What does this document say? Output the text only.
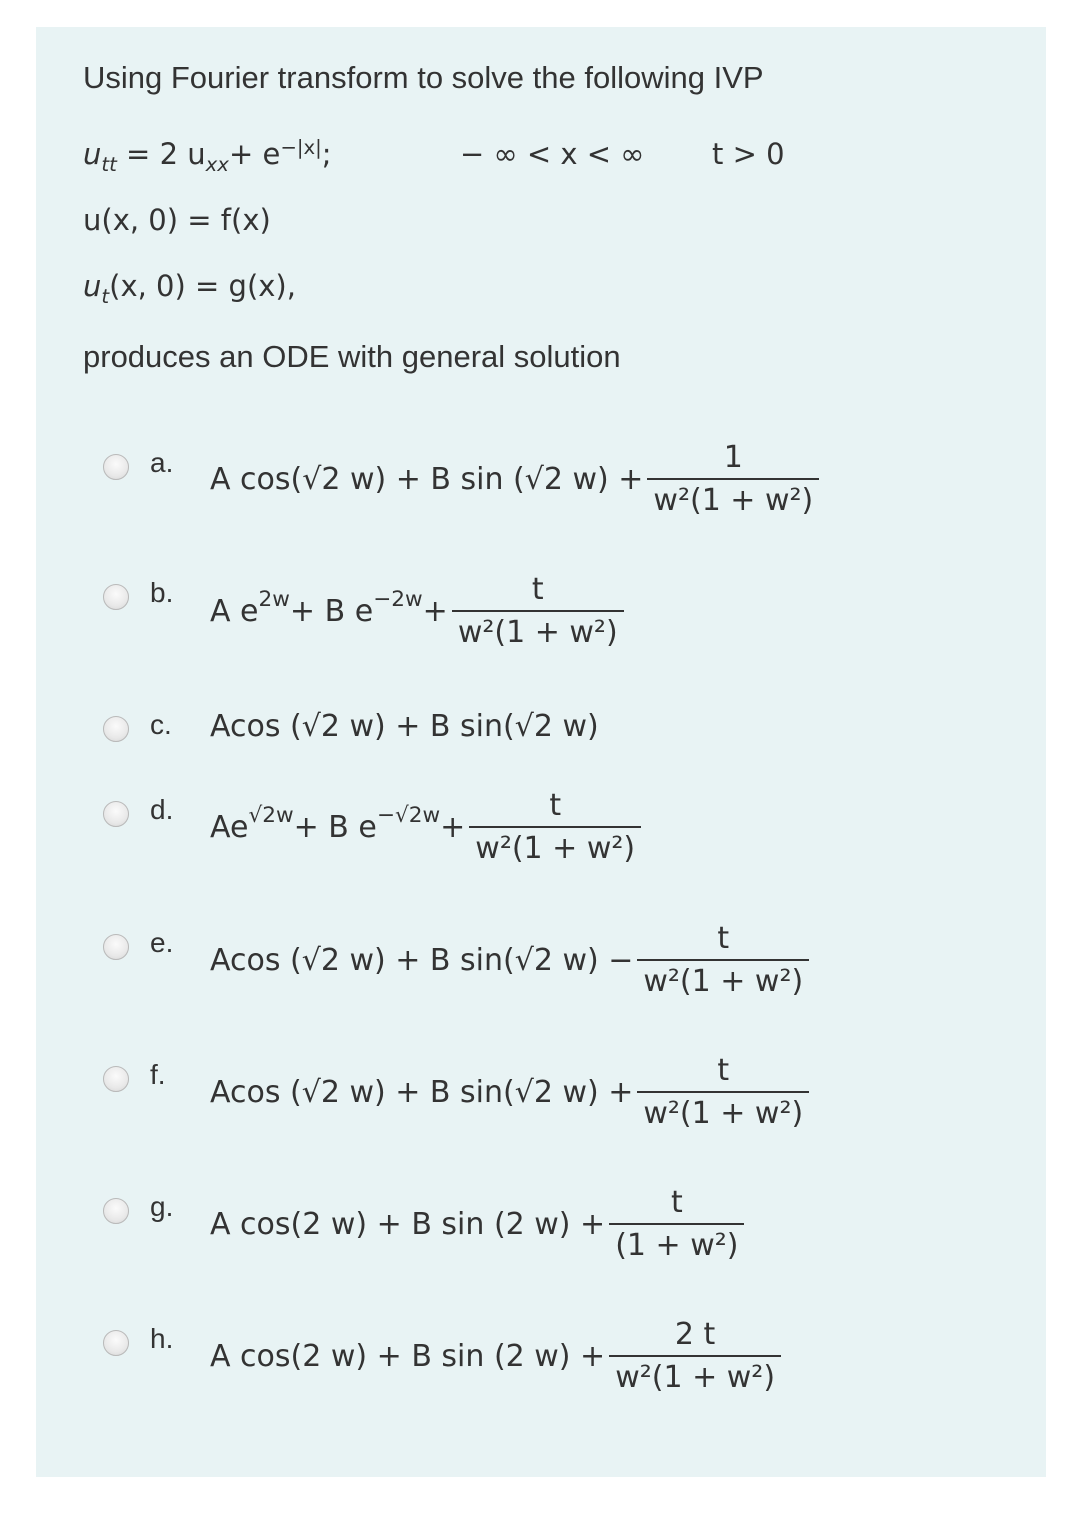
Using Fourier transform to solve the following IVP
$u_{tt} = 2$ $u_{xx}+ e^{-|x|}$;	− ∞ < x < ∞ t > 0
u(x, 0) = f(x)
$u_t(x$, 0) = g(x),
produces an ODE with general solution
a. A cos(√2 w) + B sin (√2 $w) + \frac{1}{\text{w²(1 + w²)}}$
b.
A e 2w + B $e -2w + \frac{t}{\text{w²(1 + w²)}}$
c. Acos (√2 w) + B sin(√2 w)
d. Ae √2w + B $e -√2w + \frac{t}{\text{w²(1 + w²)}}$
e. Acos (√2 w) + B sin(√2 $w) - \frac{t}{\text{w²(1 + w²)}}$
f. Acos (√2 w) + B sin(√2 $w) + \frac{t}{\text{w²(1 + w²)}}$
g. A cos(2 w) + B sin (2 $w) + \frac{t}{\text{(1 + w²)}}$
h. A cos(2 w) + B sin (2 $w) + \frac{2 t}{\text{w²(1 + w²)}}$
